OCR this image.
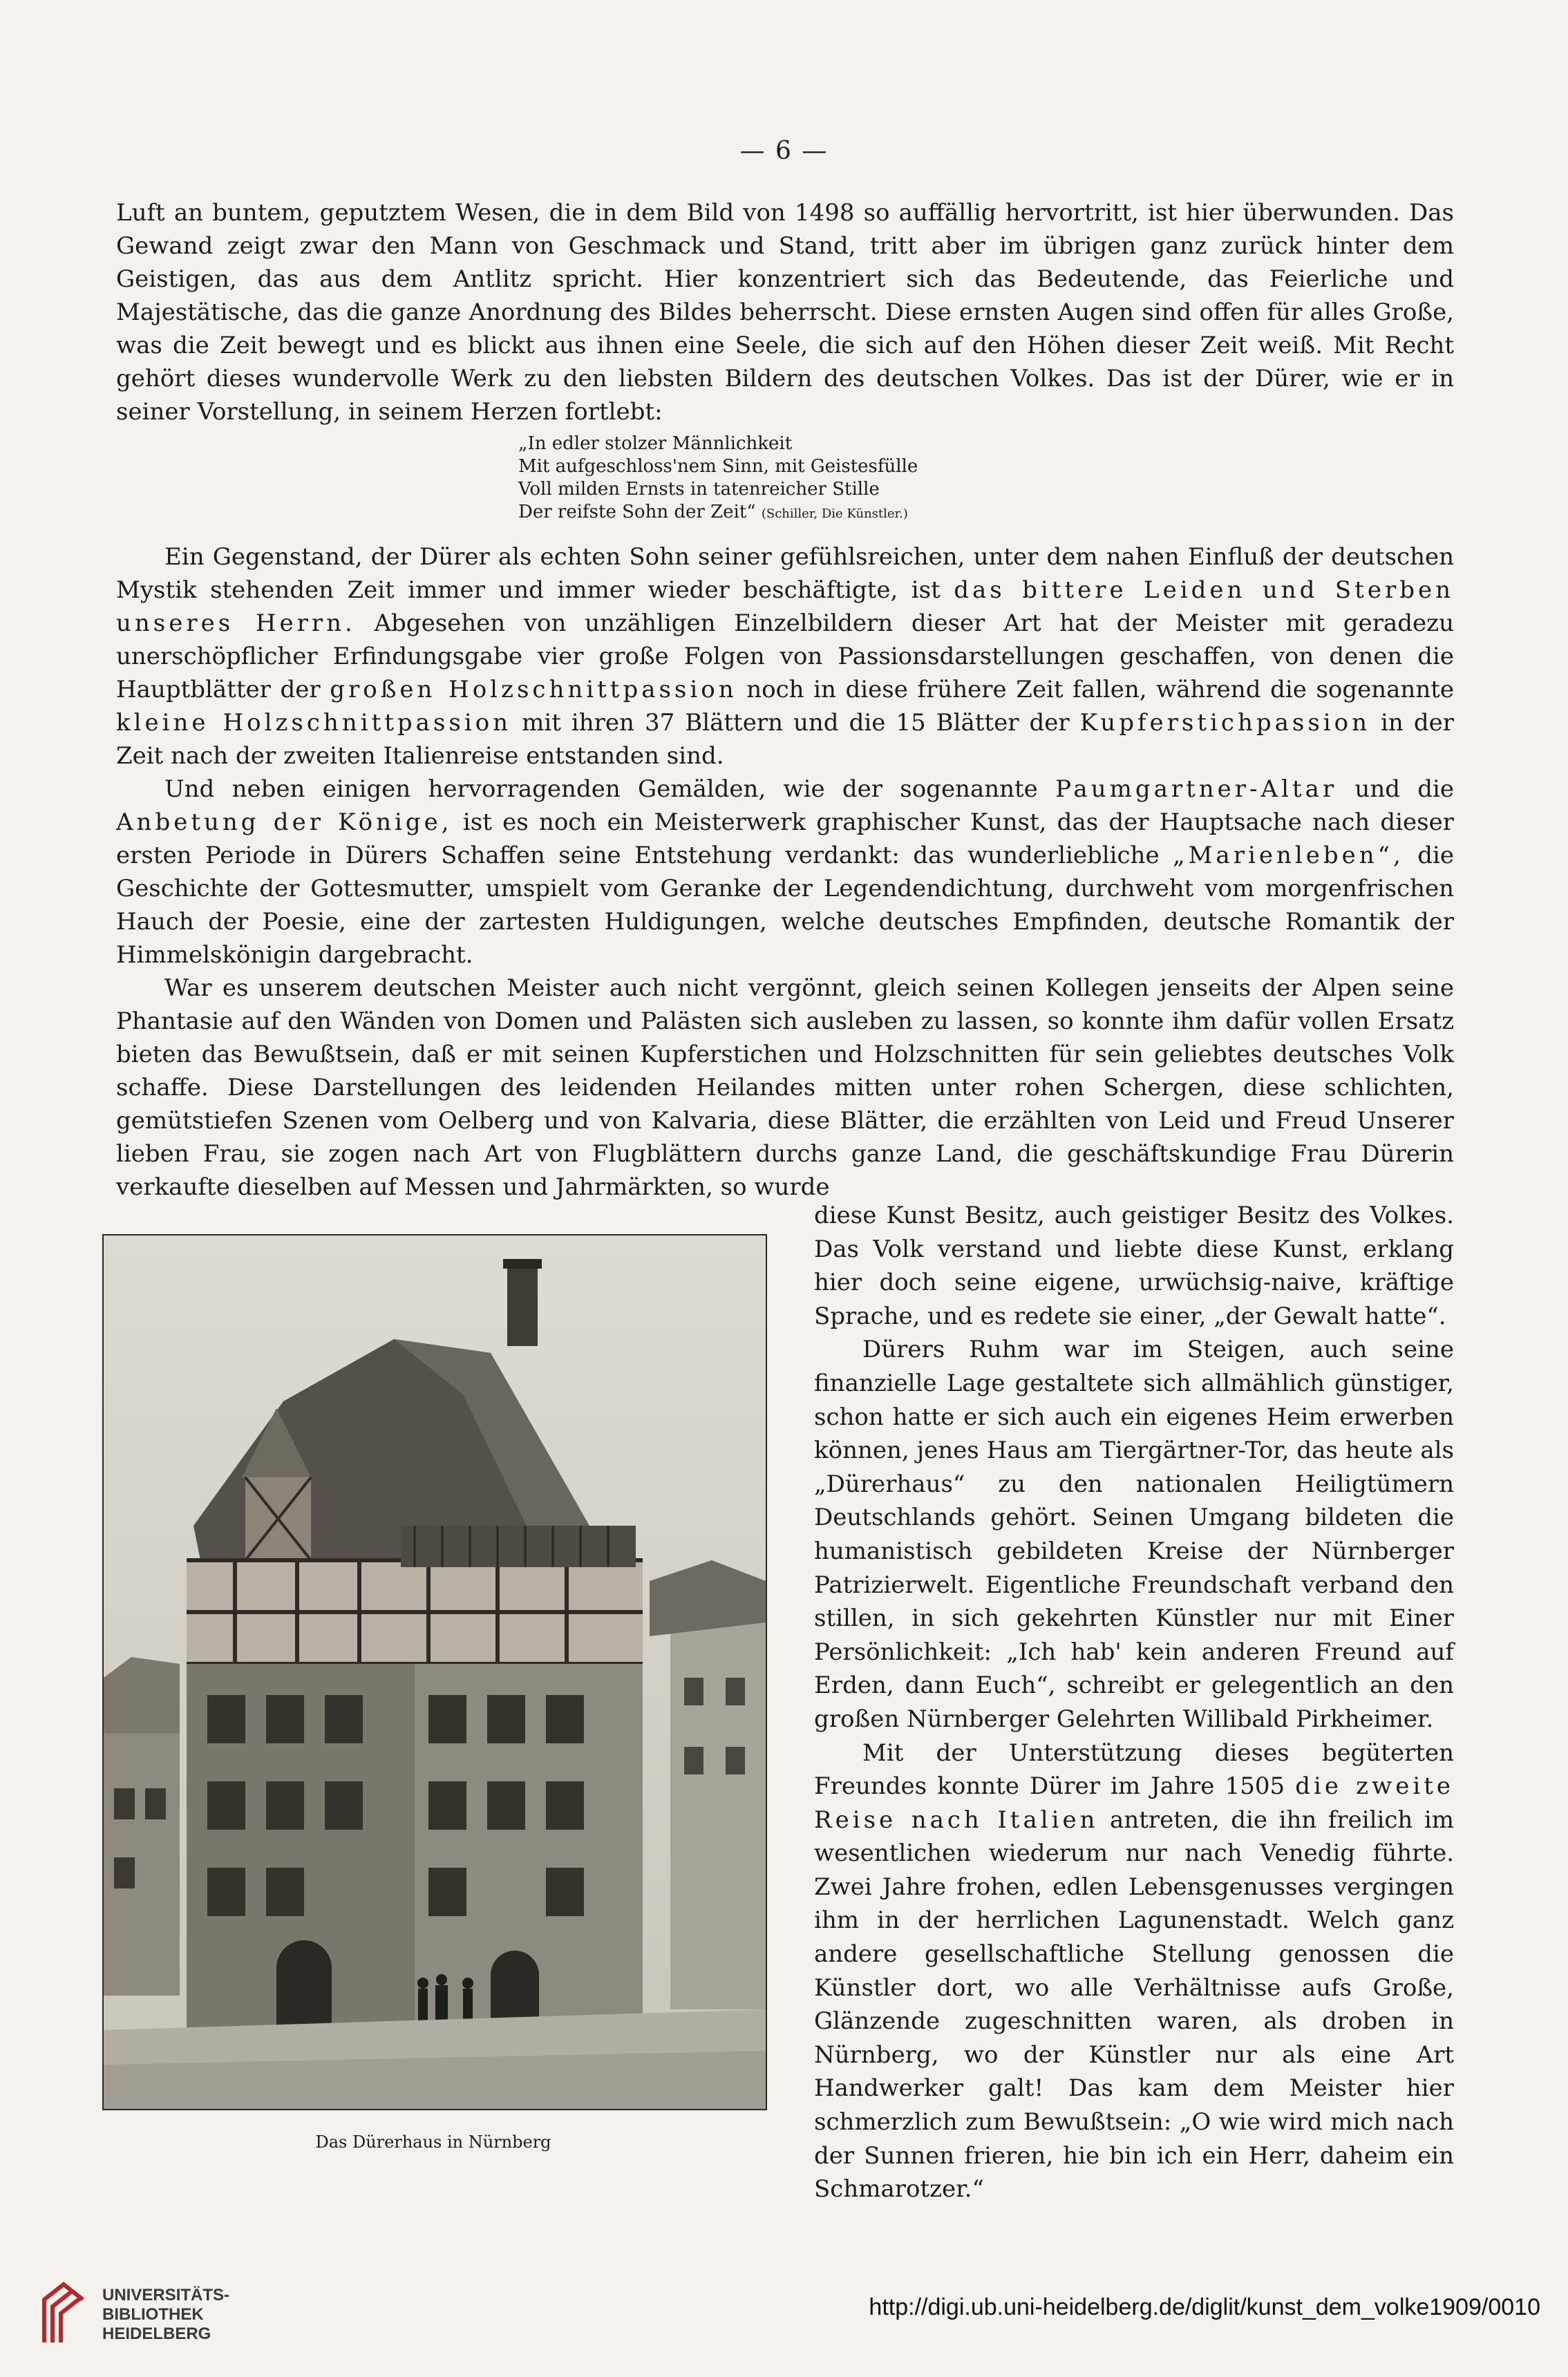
— 6 —

Luft an buntem, geputztem Wesen, die in dem Bild von 1498 so auffällig hervortritt, ist hier überwunden. Das Gewand zeigt zwar den Mann von Geschmack und Stand, tritt aber im übrigen ganz zurück hinter dem Geistigen, das aus dem Antlitz spricht. Hier konzentriert sich das Bedeutende, das Feierliche und Majestätische, das die ganze Anordnung des Bildes beherrscht. Diese ernsten Augen sind offen für alles Große, was die Zeit bewegt und es blickt aus ihnen eine Seele, die sich auf den Höhen dieser Zeit weiß. Mit Recht gehört dieses wundervolle Werk zu den liebsten Bildern des deutschen Volkes. Das ist der Dürer, wie er in seiner Vorstellung, in seinem Herzen fortlebt:

„In edler stolzer Männlichkeit
Mit aufgeschloss'nem Sinn, mit Geistesfülle
Voll milden Ernsts in tatenreicher Stille
Der reifste Sohn der Zeit“ (Schiller, Die Künstler.)

Ein Gegenstand, der Dürer als echten Sohn seiner gefühlsreichen, unter dem nahen Einfluß der deutschen Mystik stehenden Zeit immer und immer wieder beschäftigte, ist das bittere Leiden und Sterben unseres Herrn. Abgesehen von unzähligen Einzelbildern dieser Art hat der Meister mit geradezu unerschöpflicher Erfindungsgabe vier große Folgen von Passionsdarstellungen geschaffen, von denen die Hauptblätter der großen Holzschnittpassion noch in diese frühere Zeit fallen, während die sogenannte kleine Holzschnittpassion mit ihren 37 Blättern und die 15 Blätter der Kupferstichpassion in der Zeit nach der zweiten Italienreise entstanden sind.

Und neben einigen hervorragenden Gemälden, wie der sogenannte Paumgartner-Altar und die Anbetung der Könige, ist es noch ein Meisterwerk graphischer Kunst, das der Hauptsache nach dieser ersten Periode in Dürers Schaffen seine Entstehung verdankt: das wunderliebliche „Marienleben“, die Geschichte der Gottesmutter, umspielt vom Geranke der Legendendichtung, durchweht vom morgenfrischen Hauch der Poesie, eine der zartesten Huldigungen, welche deutsches Empfinden, deutsche Romantik der Himmelskönigin dargebracht.

War es unserem deutschen Meister auch nicht vergönnt, gleich seinen Kollegen jenseits der Alpen seine Phantasie auf den Wänden von Domen und Palästen sich ausleben zu lassen, so konnte ihm dafür vollen Ersatz bieten das Bewußtsein, daß er mit seinen Kupferstichen und Holzschnitten für sein geliebtes deutsches Volk schaffe. Diese Darstellungen des leidenden Heilandes mitten unter rohen Schergen, diese schlichten, gemütstiefen Szenen vom Oelberg und von Kalvaria, diese Blätter, die erzählten von Leid und Freud Unserer lieben Frau, sie zogen nach Art von Flugblättern durchs ganze Land, die geschäftskundige Frau Dürerin verkaufte dieselben auf Messen und Jahrmärkten, so wurde

Das Dürerhaus in Nürnberg

diese Kunst Besitz, auch geistiger Besitz des Volkes. Das Volk verstand und liebte diese Kunst, erklang hier doch seine eigene, urwüchsig-naive, kräftige Sprache, und es redete sie einer, „der Gewalt hatte“.

Dürers Ruhm war im Steigen, auch seine finanzielle Lage gestaltete sich allmählich günstiger, schon hatte er sich auch ein eigenes Heim erwerben können, jenes Haus am Tiergärtner-Tor, das heute als „Dürerhaus“ zu den nationalen Heiligtümern Deutschlands gehört. Seinen Umgang bildeten die humanistisch gebildeten Kreise der Nürnberger Patrizierwelt. Eigentliche Freundschaft verband den stillen, in sich gekehrten Künstler nur mit Einer Persönlichkeit: „Ich hab' kein anderen Freund auf Erden, dann Euch“, schreibt er gelegentlich an den großen Nürnberger Gelehrten Willibald Pirkheimer.

Mit der Unterstützung dieses begüterten Freundes konnte Dürer im Jahre 1505 die zweite Reise nach Italien antreten, die ihn freilich im wesentlichen wiederum nur nach Venedig führte. Zwei Jahre frohen, edlen Lebensgenusses vergingen ihm in der herrlichen Lagunenstadt. Welch ganz andere gesellschaftliche Stellung genossen die Künstler dort, wo alle Verhältnisse aufs Große, Glänzende zugeschnitten waren, als droben in Nürnberg, wo der Künstler nur als eine Art Handwerker galt! Das kam dem Meister hier schmerzlich zum Bewußtsein: „O wie wird mich nach der Sunnen frieren, hie bin ich ein Herr, daheim ein Schmarotzer.“

UNIVERSITÄTS-
BIBLIOTHEK
HEIDELBERG
http://digi.ub.uni-heidelberg.de/diglit/kunst_dem_volke1909/0010
